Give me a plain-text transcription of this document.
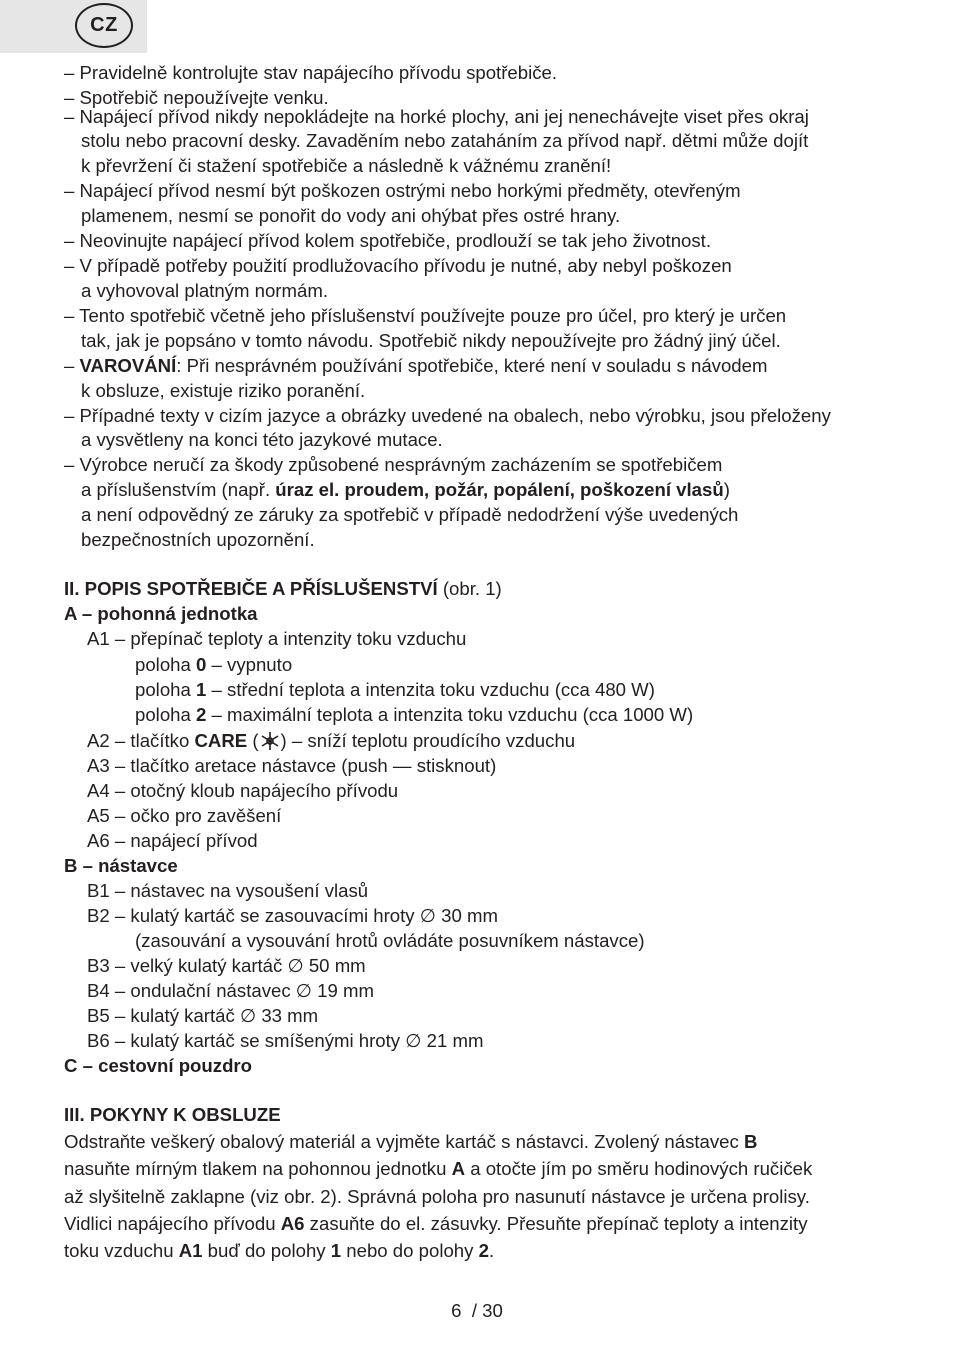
CZ
– Pravidelně kontrolujte stav napájecího přívodu spotřebiče.
– Spotřebič nepoužívejte venku.
– Napájecí přívod nikdy nepokládejte na horké plochy, ani jej nenechávejte viset přes okraj
stolu nebo pracovní desky. Zavaděním nebo zataháním za přívod např. dětmi může dojít
k převržení či stažení spotřebiče a následně k vážnému zranění!
– Napájecí přívod nesmí být poškozen ostrými nebo horkými předměty, otevřeným
plamenem, nesmí se ponořit do vody ani ohýbat přes ostré hrany.
– Neovinujte napájecí přívod kolem spotřebiče, prodlouží se tak jeho životnost.
– V případě potřeby použití prodlužovacího přívodu je nutné, aby nebyl poškozen
a vyhovoval platným normám.
– Tento spotřebič včetně jeho příslušenství používejte pouze pro účel, pro který je určen
tak, jak je popsáno v tomto návodu. Spotřebič nikdy nepoužívejte pro žádný jiný účel.
– VAROVÁNÍ: Při nesprávném používání spotřebiče, které není v souladu s návodem
k obsluze, existuje riziko poranění.
– Případné texty v cizím jazyce a obrázky uvedené na obalech, nebo výrobku, jsou přeloženy
a vysvětleny na konci této jazykové mutace.
– Výrobce neručí za škody způsobené nesprávným zacházením se spotřebičem
a příslušenstvím (např. úraz el. proudem, požár, popálení, poškození vlasů)
a není odpovědný ze záruky za spotřebič v případě nedodržení výše uvedených
bezpečnostních upozornění.
II. POPIS SPOTŘEBIČE A PŘÍSLUŠENSTVÍ (obr. 1)
A – pohonná jednotka
A1 – přepínač teploty a intenzity toku vzduchu
poloha 0 – vypnuto
poloha 1 – střední teplota a intenzita toku vzduchu (cca 480 W)
poloha 2 – maximální teplota a intenzita toku vzduchu (cca 1000 W)
A2 – tlačítko CARE ( ) – sníží teplotu proudícího vzduchu
A3 – tlačítko aretace nástavce (push — stisknout)
A4 – otočný kloub napájecího přívodu
A5 – očko pro zavěšení
A6 – napájecí přívod
B – nástavce
B1 – nástavec na vysoušení vlasů
B2 – kulatý kartáč se zasouvacími hroty ∅ 30 mm
(zasouvání a vysouvání hrotů ovládáte posuvníkem nástavce)
B3 – velký kulatý kartáč ∅ 50 mm
B4 – ondulační nástavec ∅ 19 mm
B5 – kulatý kartáč ∅ 33 mm
B6 – kulatý kartáč se smíšenými hroty ∅ 21 mm
C – cestovní pouzdro
III. POKYNY K OBSLUZE
Odstraňte veškerý obalový materiál a vyjměte kartáč s nástavci. Zvolený nástavec B
nasuňte mírným tlakem na pohonnou jednotku A a otočte jím po směru hodinových ručiček
až slyšitelně zaklapne (viz obr. 2). Správná poloha pro nasunutí nástavce je určena prolisy.
Vidlici napájecího přívodu A6 zasuňte do el. zásuvky. Přesuňte přepínač teploty a intenzity
toku vzduchu A1 buď do polohy 1 nebo do polohy 2.
6  / 30
